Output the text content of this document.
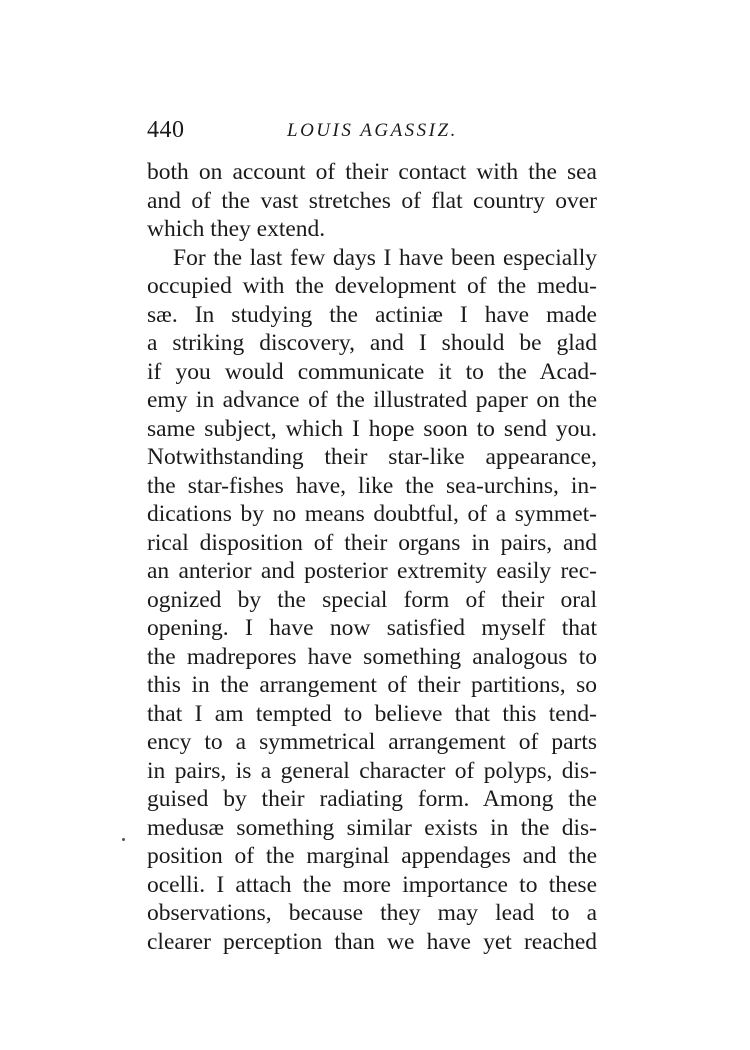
440	LOUIS AGASSIZ.
both on account of their contact with the sea
and of the vast stretches of flat country over
which they extend.
For the last few days I have been especially
occupied with the development of the medu-
sæ. In studying the actiniæ I have made
a striking discovery, and I should be glad
if you would communicate it to the Acad-
emy in advance of the illustrated paper on the
same subject, which I hope soon to send you.
Notwithstanding their star-like appearance,
the star-fishes have, like the sea-urchins, in-
dications by no means doubtful, of a symmet-
rical disposition of their organs in pairs, and
an anterior and posterior extremity easily rec-
ognized by the special form of their oral
opening. I have now satisfied myself that
the madrepores have something analogous to
this in the arrangement of their partitions, so
that I am tempted to believe that this tend-
ency to a symmetrical arrangement of parts
in pairs, is a general character of polyps, dis-
guised by their radiating form. Among the
medusæ something similar exists in the dis-
position of the marginal appendages and the
ocelli. I attach the more importance to these
observations, because they may lead to a
clearer perception than we have yet reached
